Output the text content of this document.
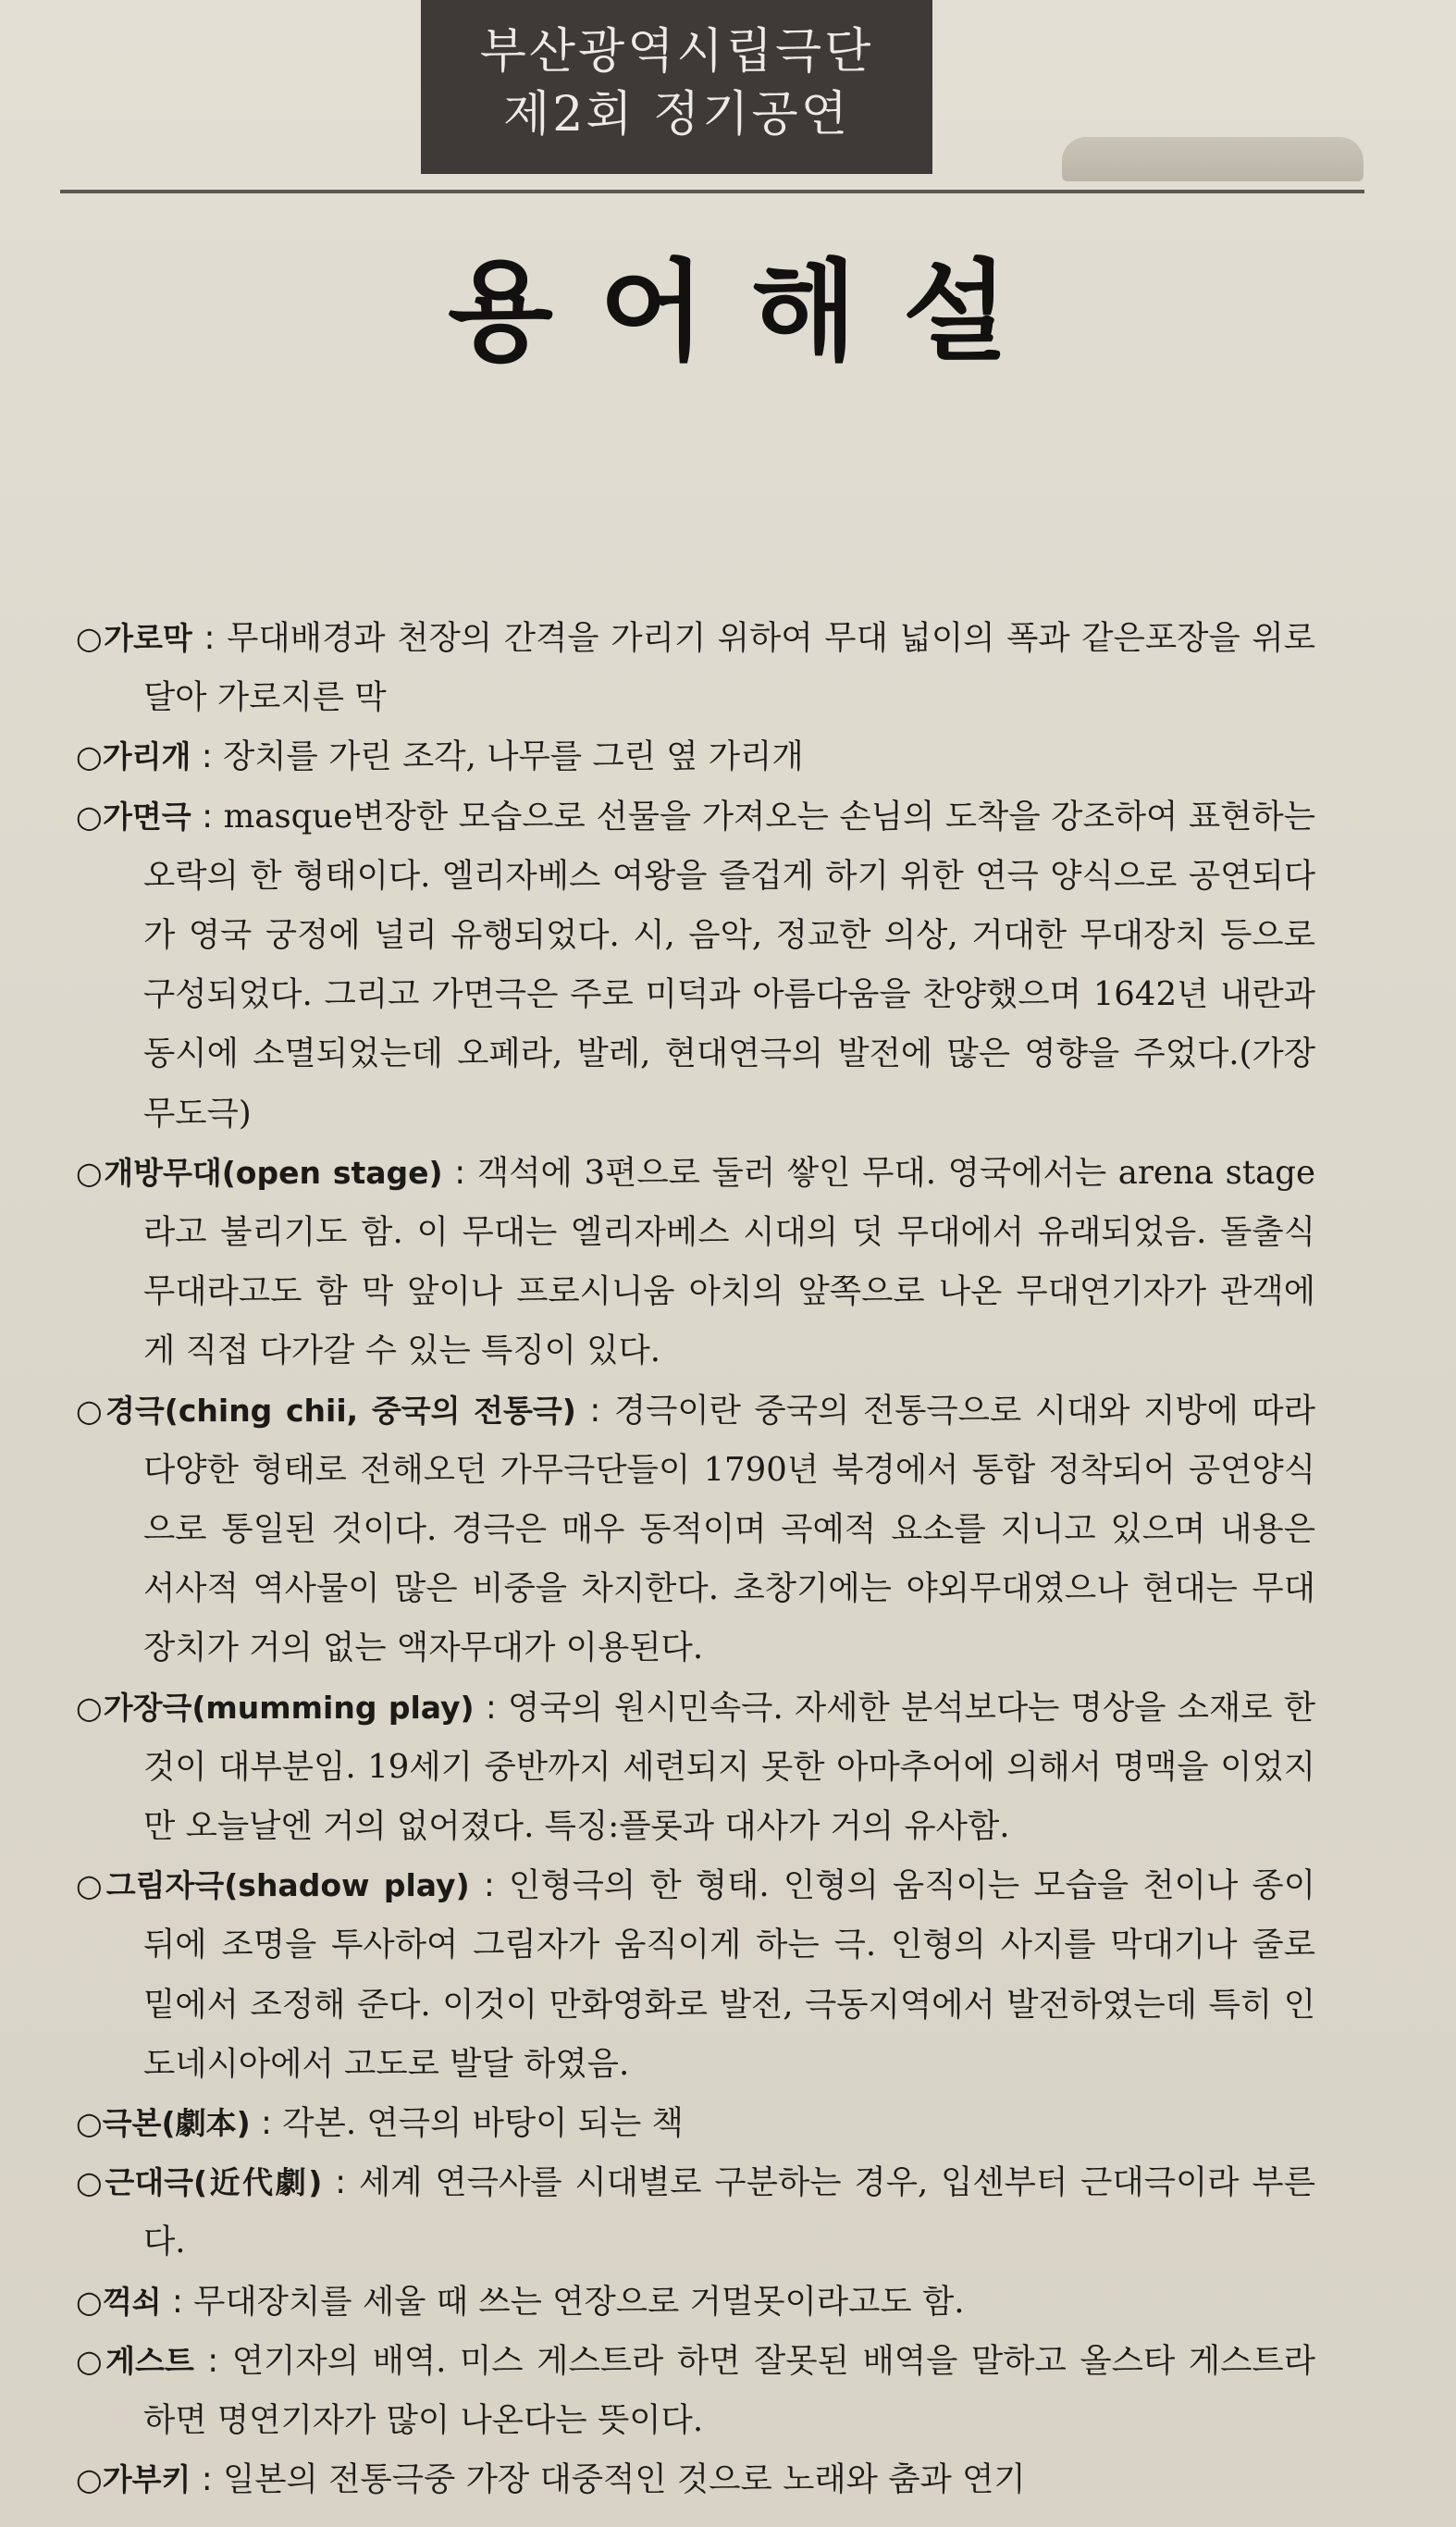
부산광역시립극단
제2회 정기공연
용어해설
○가로막 : 무대배경과 천장의 간격을 가리기 위하여 무대 넓이의 폭과 같은포장을 위로 달아 가로지른 막
○가리개 : 장치를 가린 조각, 나무를 그린 옆 가리개
○가면극 : masque변장한 모습으로 선물을 가져오는 손님의 도착을 강조하여 표현하는 오락의 한 형태이다. 엘리자베스 여왕을 즐겁게 하기 위한 연극 양식으로 공연되다가 영국 궁정에 널리 유행되었다. 시, 음악, 정교한 의상, 거대한 무대장치 등으로 구성되었다. 그리고 가면극은 주로 미덕과 아름다움을 찬양했으며 1642년 내란과 동시에 소멸되었는데 오페라, 발레, 현대연극의 발전에 많은 영향을 주었다.(가장 무도극)
○개방무대(open stage) : 객석에 3편으로 둘러 쌓인 무대. 영국에서는 arena stage라고 불리기도 함. 이 무대는 엘리자베스 시대의 덧 무대에서 유래되었음. 돌출식 무대라고도 함 막 앞이나 프로시니움 아치의 앞쪽으로 나온 무대연기자가 관객에게 직접 다가갈 수 있는 특징이 있다.
○경극(ching chii, 중국의 전통극) : 경극이란 중국의 전통극으로 시대와 지방에 따라 다양한 형태로 전해오던 가무극단들이 1790년 북경에서 통합 정착되어 공연양식으로 통일된 것이다. 경극은 매우 동적이며 곡예적 요소를 지니고 있으며 내용은 서사적 역사물이 많은 비중을 차지한다. 초창기에는 야외무대였으나 현대는 무대장치가 거의 없는 액자무대가 이용된다.
○가장극(mumming play) : 영국의 원시민속극. 자세한 분석보다는 명상을 소재로 한 것이 대부분임. 19세기 중반까지 세련되지 못한 아마추어에 의해서 명맥을 이었지만 오늘날엔 거의 없어졌다. 특징:플롯과 대사가 거의 유사함.
○그림자극(shadow play) : 인형극의 한 형태. 인형의 움직이는 모습을 천이나 종이 뒤에 조명을 투사하여 그림자가 움직이게 하는 극. 인형의 사지를 막대기나 줄로 밑에서 조정해 준다. 이것이 만화영화로 발전, 극동지역에서 발전하였는데 특히 인도네시아에서 고도로 발달 하였음.
○극본(劇本) : 각본. 연극의 바탕이 되는 책
○근대극(近代劇) : 세계 연극사를 시대별로 구분하는 경우, 입센부터 근대극이라 부른다.
○꺽쇠 : 무대장치를 세울 때 쓰는 연장으로 거멀못이라고도 함.
○게스트 : 연기자의 배역. 미스 게스트라 하면 잘못된 배역을 말하고 올스타 게스트라 하면 명연기자가 많이 나온다는 뜻이다.
○가부키 : 일본의 전통극중 가장 대중적인 것으로 노래와 춤과 연기
